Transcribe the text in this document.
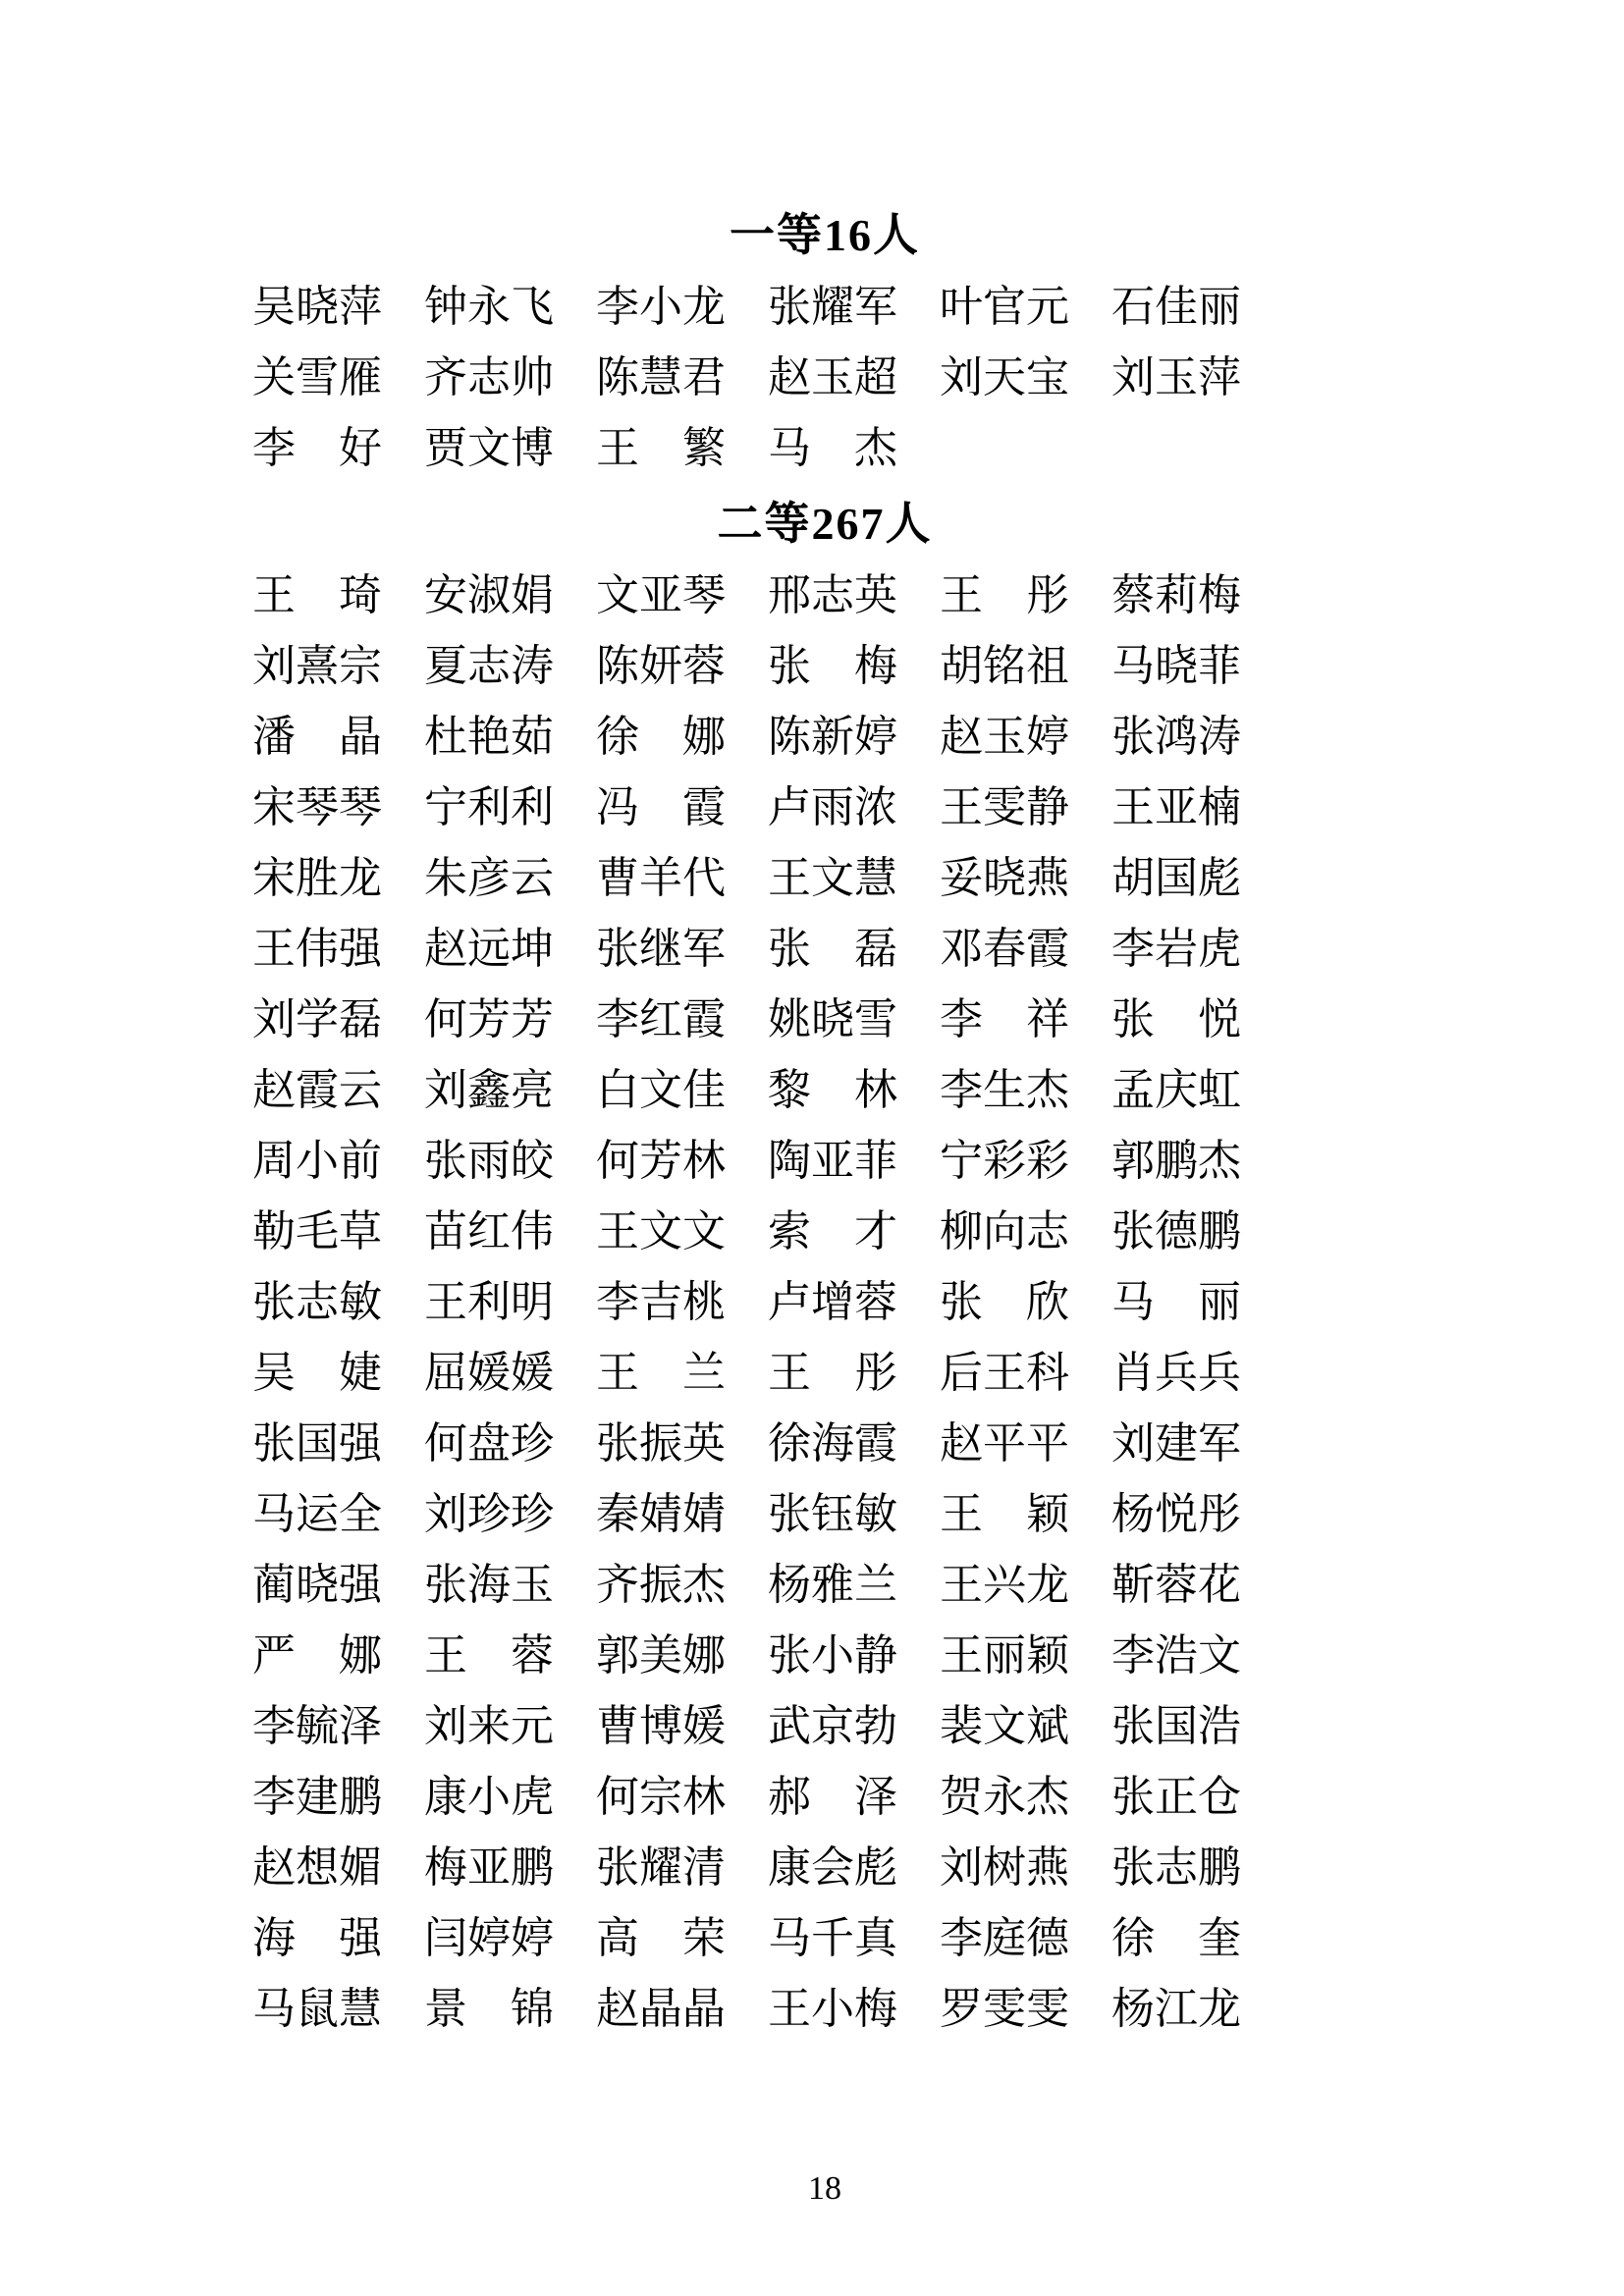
一等16人
吴晓萍 钟永飞 李小龙 张耀军 叶官元 石佳丽
关雪雁 齐志帅 陈慧君 赵玉超 刘天宝 刘玉萍
李　好 贾文博 王　繁 马　杰
二等267人
王　琦 安淑娟 文亚琴 邢志英 王　彤 蔡莉梅
刘熹宗 夏志涛 陈妍蓉 张　梅 胡铭祖 马晓菲
潘　晶 杜艳茹 徐　娜 陈新婷 赵玉婷 张鸿涛
宋琴琴 宁利利 冯　霞 卢雨浓 王雯静 王亚楠
宋胜龙 朱彦云 曹羊代 王文慧 妥晓燕 胡国彪
王伟强 赵远坤 张继军 张　磊 邓春霞 李岩虎
刘学磊 何芳芳 李红霞 姚晓雪 李　祥 张　悦
赵霞云 刘鑫亮 白文佳 黎　林 李生杰 孟庆虹
周小前 张雨皎 何芳林 陶亚菲 宁彩彩 郭鹏杰
勒毛草 苗红伟 王文文 索　才 柳向志 张德鹏
张志敏 王利明 李吉桃 卢增蓉 张　欣 马　丽
吴　婕 屈媛媛 王　兰 王　彤 后王科 肖兵兵
张国强 何盘珍 张振英 徐海霞 赵平平 刘建军
马运全 刘珍珍 秦婧婧 张钰敏 王　颖 杨悦彤
蔺晓强 张海玉 齐振杰 杨雅兰 王兴龙 靳蓉花
严　娜 王　蓉 郭美娜 张小静 王丽颖 李浩文
李毓泽 刘来元 曹博媛 武京勃 裴文斌 张国浩
李建鹏 康小虎 何宗林 郝　泽 贺永杰 张正仓
赵想媚 梅亚鹏 张耀清 康会彪 刘树燕 张志鹏
海　强 闫婷婷 高　荣 马千真 李庭德 徐　奎
马鼠慧 景　锦 赵晶晶 王小梅 罗雯雯 杨江龙
18
